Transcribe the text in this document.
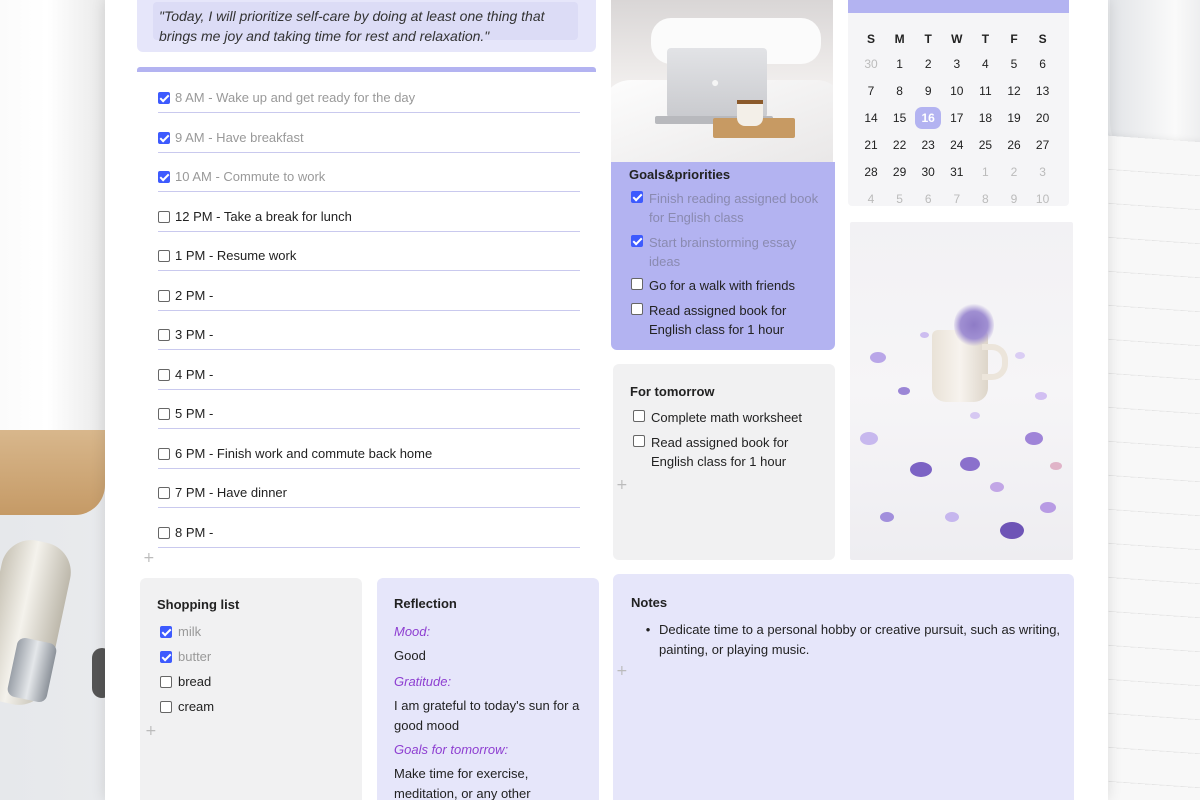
"Today, I will prioritize self-care by doing at least one thing that brings me joy and taking time for rest and relaxation."
8 AM - Wake up and get ready for the day
9 AM - Have breakfast
10 AM - Commute to work
12 PM - Take a break for lunch
1 PM - Resume work
2 PM -
3 PM -
4 PM -
5 PM -
6 PM - Finish work and commute back home
7 PM - Have dinner
8 PM -
+
●
Goals&priorities
Finish reading assigned book for English class
Start brainstorming essay ideas
Go for a walk with friends
Read assigned book for English class for 1 hour
For tomorrow
Complete math worksheet
Read assigned book for English class for 1 hour
+
S	M	T	W	T	F	S
30	1	2	3	4	5	6
7	8	9	10	11	12	13
14	15	16	17	18	19	20
21	22	23	24	25	26	27
28	29	30	31	1	2	3
4	5	6	7	8	9	10
Shopping list
milk
butter
bread
cream
+
Reflection
Mood:
Good
Gratitude:
I am grateful to today's sun for a good mood
Goals for tomorrow:
Make time for exercise, meditation, or any other
Notes
• Dedicate time to a personal hobby or creative pursuit, such as writing, painting, or playing music.
+
